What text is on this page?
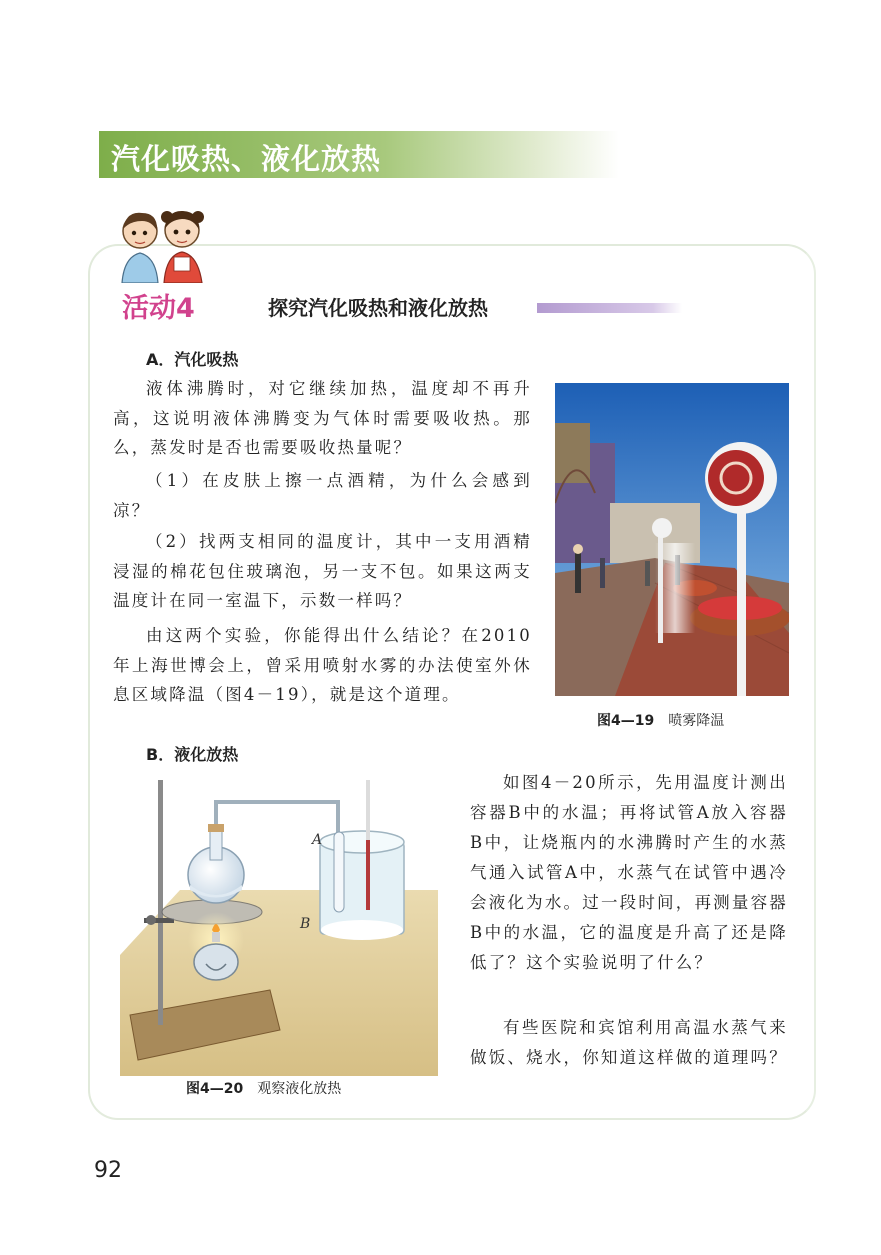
汽化吸热、液化放热
活动4	探究汽化吸热和液化放热
A．汽化吸热

液体沸腾时，对它继续加热，温度却不再升高，这说明液体沸腾变为气体时需要吸收热。那么，蒸发时是否也需要吸收热量呢？

（1）在皮肤上擦一点酒精，为什么会感到凉？

（2）找两支相同的温度计，其中一支用酒精浸湿的棉花包住玻璃泡，另一支不包。如果这两支温度计在同一室温下，示数一样吗？

由这两个实验，你能得出什么结论？在2010年上海世博会上，曾采用喷射水雾的办法使室外休息区域降温（图4－19），就是这个道理。

图4—19 喷雾降温
B．液化放热
A
B
图4—20 观察液化放热

如图4－20所示，先用温度计测出容器B中的水温；再将试管A放入容器B中，让烧瓶内的水沸腾时产生的水蒸气通入试管A中，水蒸气在试管中遇冷会液化为水。过一段时间，再测量容器B中的水温，它的温度是升高了还是降低了？这个实验说明了什么？

有些医院和宾馆利用高温水蒸气来做饭、烧水，你知道这样做的道理吗？

92
